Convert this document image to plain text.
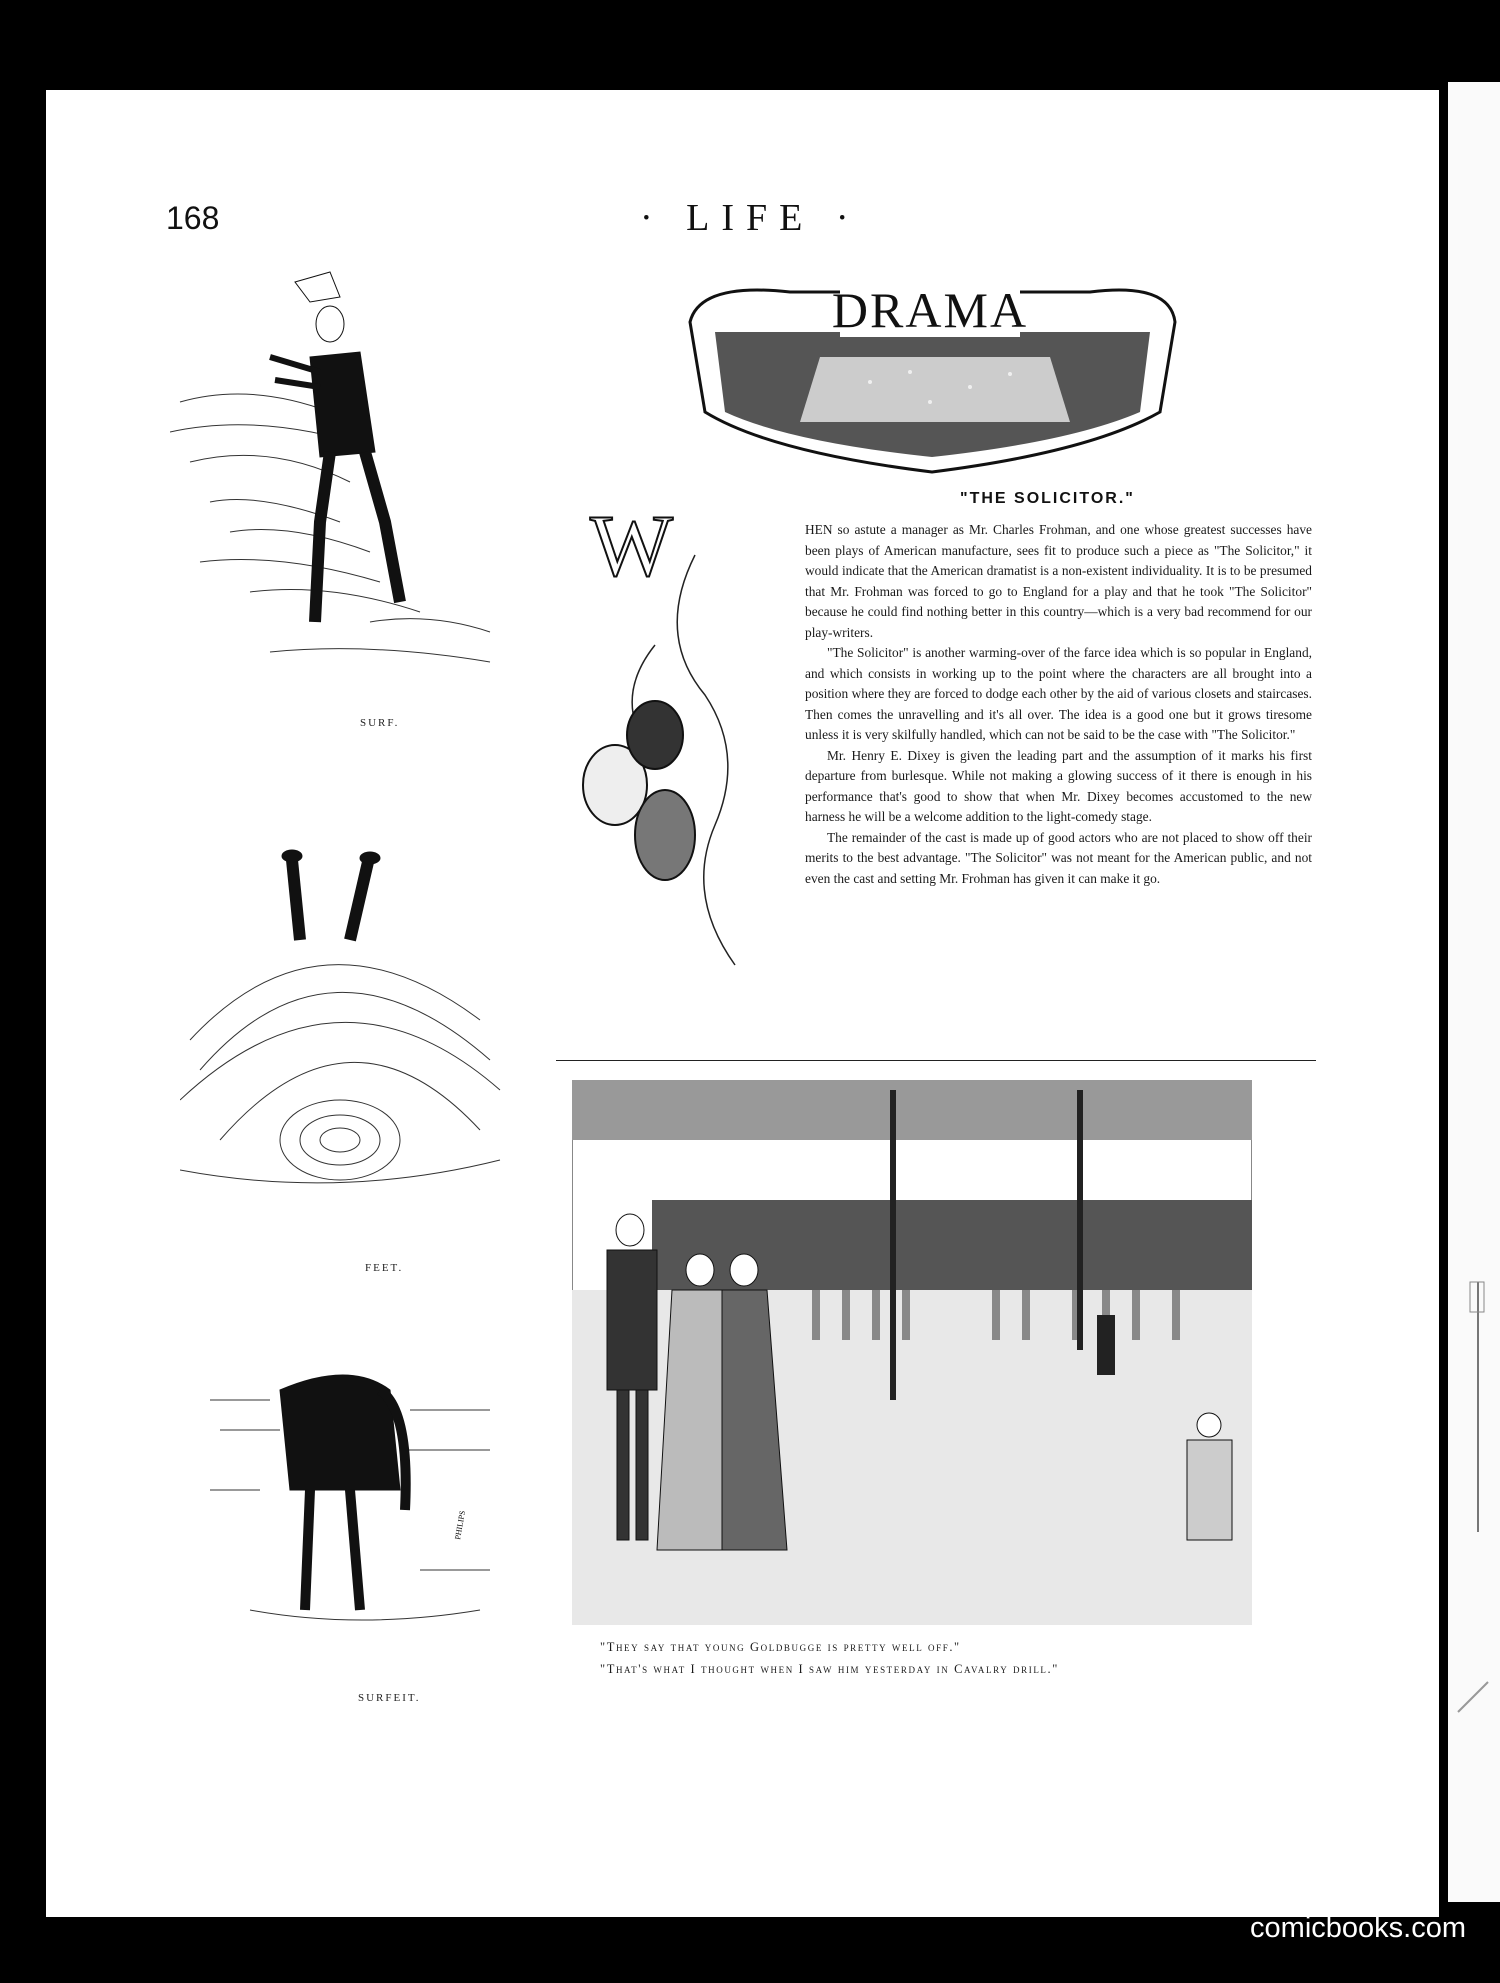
168	· LIFE ·
SURF.
FEET.
PHILIPS
SURFEIT.
DRAMA
"THE SOLICITOR."
W	HEN so astute a manager as Mr. Charles Frohman, and one whose greatest successes have been plays of American manufacture, sees fit to produce such a piece as "The Solicitor," it would indicate that the American dramatist is a non-existent individuality. It is to be presumed that Mr. Frohman was forced to go to England for a play and that he took "The Solicitor" because he could find nothing better in this country—which is a very bad recommend for our play-writers.

"The Solicitor" is another warming-over of the farce idea which is so popular in England, and which consists in working up to the point where the characters are all brought into a position where they are forced to dodge each other by the aid of various closets and staircases. Then comes the unravelling and it's all over. The idea is a good one but it grows tiresome unless it is very skilfully handled, which can not be said to be the case with "The Solicitor."

Mr. Henry E. Dixey is given the leading part and the assumption of it marks his first departure from burlesque. While not making a glowing success of it there is enough in his performance that's good to show that when Mr. Dixey becomes accustomed to the new harness he will be a welcome addition to the light-comedy stage.

The remainder of the cast is made up of good actors who are not placed to show off their merits to the best advantage. "The Solicitor" was not meant for the American public, and not even the cast and setting Mr. Frohman has given it can make it go.

"They say that young Goldbugge is pretty well off."
"That's what I thought when I saw him yesterday in Cavalry drill."
comicbooks.com
